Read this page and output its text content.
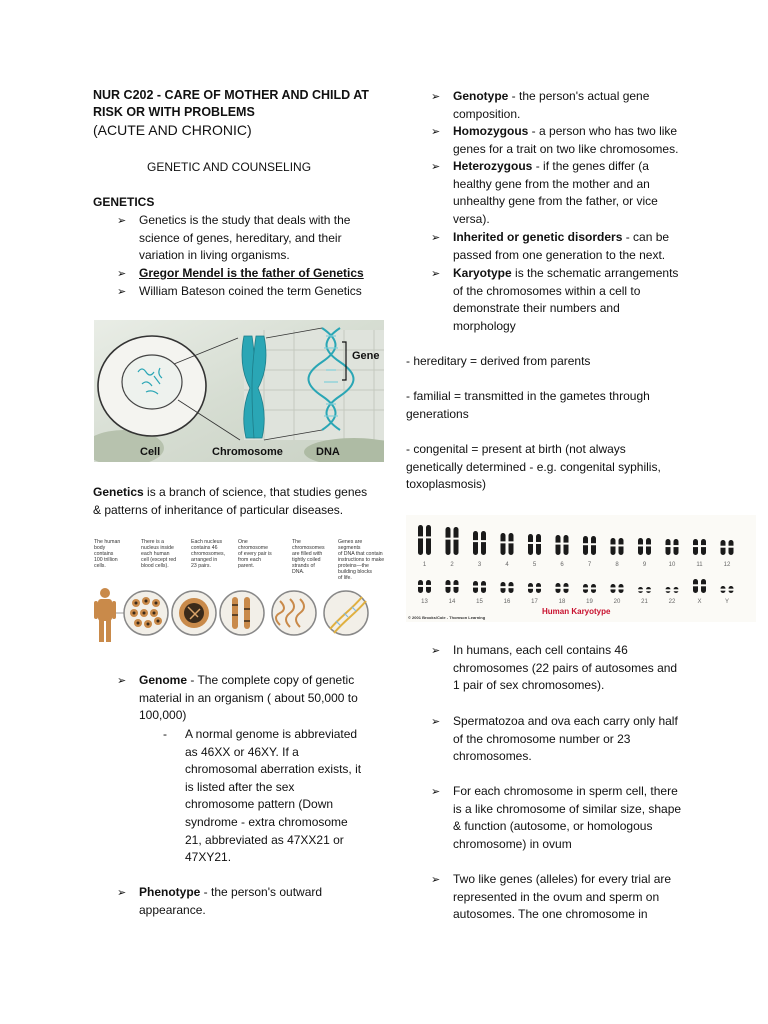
NUR C202 - CARE OF MOTHER AND CHILD AT
RISK OR WITH PROBLEMS
(ACUTE AND CHRONIC)
GENETIC AND COUNSELING
GENETICS
➢	Genetics is the study that deals with the
science of genes, hereditary, and their
variation in living organisms.
➢	Gregor Mendel is the father of Genetics
➢	William Bateson coined the term Genetics
Gene
Cell	Chromosome	DNA
Genetics is a branch of science, that studies genes
& patterns of inheritance of particular diseases.
The human body contains 100 trillion cells.
There is a nucleus inside each human cell (except red blood cells).
Each nucleus contains 46 chromosomes, arranged in 23 pairs.
One chromosome of every pair is from each parent.
The chromosomes are filled with tightly coiled strands of DNA.
Genes are segments of DNA that contain instructions to make proteins—the building blocks of life.
➢	Genome - The complete copy of genetic
material in an organism ( about 50,000 to
100,000)
- A normal genome is abbreviated
as 46XX or 46XY. If a
chromosomal aberration exists, it
is listed after the sex
chromosome pattern (Down
syndrome - extra chromosome
21, abbreviated as 47XX21 or
47XY21.
➢	Phenotype - the person's outward
appearance.
➢	Genotype - the person's actual gene
composition.
➢	Homozygous - a person who has two like
genes for a trait on two like chromosomes.
➢	Heterozygous - if the genes differ (a
healthy gene from the mother and an
unhealthy gene from the father, or vice
versa).
➢	Inherited or genetic disorders - can be
passed from one generation to the next.
➢	Karyotype is the schematic arrangements
of the chromosomes within a cell to
demonstrate their numbers and
morphology
- hereditary = derived from parents
- familial = transmitted in the gametes through
generations
- congenital = present at birth (not always
genetically determined - e.g. congenital syphilis,
toxoplasmosis)
1	2	3	4	5	6	7	8	9	10	11	12
13	14	15	16	17	18	19	20	21	22	X	Y
Human Karyotype
© 2001 Brooks/Cole - Thomson Learning
➢	In humans, each cell contains 46
chromosomes (22 pairs of autosomes and
1 pair of sex chromosomes).
➢	Spermatozoa and ova each carry only half
of the chromosome number or 23
chromosomes.
➢	For each chromosome in sperm cell, there
is a like chromosome of similar size, shape
& function (autosome, or homologous
chromosome) in ovum
➢	Two like genes (alleles) for every trial are
represented in the ovum and sperm on
autosomes. The one chromosome in
